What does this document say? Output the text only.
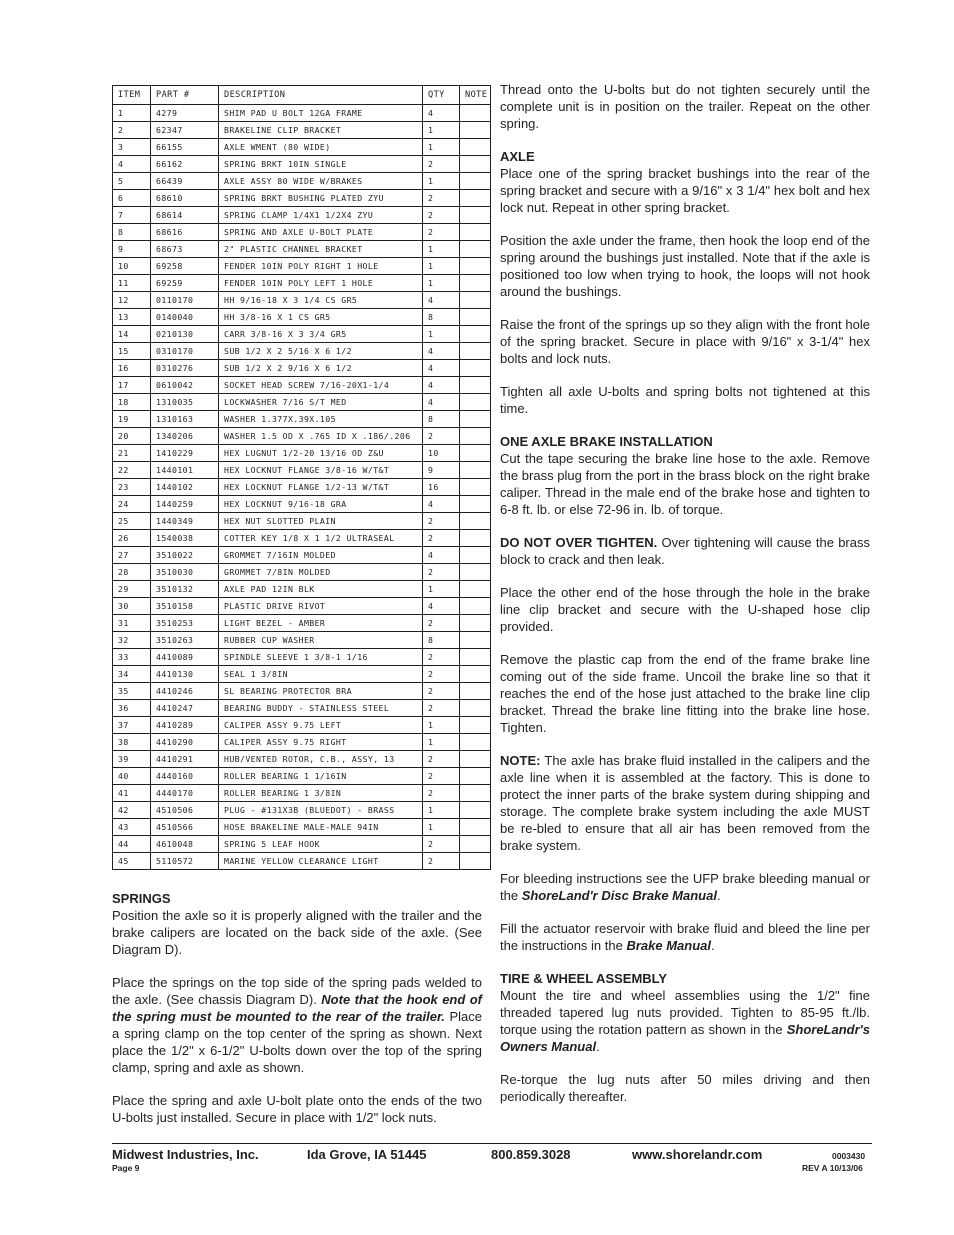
ITEM	PART #	DESCRIPTION	QTY	NOTE
1	4279	SHIM PAD U BOLT 12GA FRAME	4	
2	62347	BRAKELINE CLIP BRACKET	1	
3	66155	AXLE WMENT (80 WIDE)	1	
4	66162	SPRING BRKT 10IN SINGLE	2	
5	66439	AXLE ASSY 80 WIDE W/BRAKES	1	
6	68610	SPRING BRKT BUSHING PLATED ZYU	2	
7	68614	SPRING CLAMP 1/4X1 1/2X4 ZYU	2	
8	68616	SPRING AND AXLE U-BOLT PLATE	2	
9	68673	2" PLASTIC CHANNEL BRACKET	1	
10	69258	FENDER 10IN POLY RIGHT 1 HOLE	1	
11	69259	FENDER 10IN POLY LEFT 1 HOLE	1	
12	0110170	HH 9/16-18 X 3 1/4 CS GR5	4	
13	0140040	HH 3/8-16 X 1 CS GR5	8	
14	0210130	CARR 3/8-16 X 3 3/4 GR5	1	
15	0310170	SUB 1/2 X 2 5/16 X 6 1/2	4	
16	0310276	SUB 1/2 X 2 9/16 X 6 1/2	4	
17	0610042	SOCKET HEAD SCREW 7/16-20X1-1/4	4	
18	1310035	LOCKWASHER 7/16 S/T MED	4	
19	1310163	WASHER 1.377X.39X.105	8	
20	1340206	WASHER 1.5 OD X .765 ID X .186/.206	2	
21	1410229	HEX LUGNUT 1/2-20 13/16 OD Z&U	10	
22	1440101	HEX LOCKNUT FLANGE 3/8-16 W/T&T	9	
23	1440102	HEX LOCKNUT FLANGE 1/2-13 W/T&T	16	
24	1440259	HEX LOCKNUT 9/16-18 GRA	4	
25	1440349	HEX NUT SLOTTED PLAIN	2	
26	1540038	COTTER KEY 1/8 X 1 1/2 ULTRASEAL	2	
27	3510022	GROMMET 7/16IN MOLDED	4	
28	3510030	GROMMET 7/8IN MOLDED	2	
29	3510132	AXLE PAD 12IN BLK	1	
30	3510158	PLASTIC DRIVE RIVOT	4	
31	3510253	LIGHT BEZEL - AMBER	2	
32	3510263	RUBBER CUP WASHER	8	
33	4410089	SPINDLE SLEEVE 1 3/8-1 1/16	2	
34	4410130	SEAL 1 3/8IN	2	
35	4410246	SL BEARING PROTECTOR BRA	2	
36	4410247	BEARING BUDDY - STAINLESS STEEL	2	
37	4410289	CALIPER ASSY 9.75 LEFT	1	
38	4410290	CALIPER ASSY 9.75 RIGHT	1	
39	4410291	HUB/VENTED ROTOR, C.B., ASSY, 13	2	
40	4440160	ROLLER BEARING 1 1/16IN	2	
41	4440170	ROLLER BEARING 1 3/8IN	2	
42	4510506	PLUG - #131X3B (BLUEDOT) - BRASS	1	
43	4510566	HOSE BRAKELINE MALE-MALE 94IN	1	
44	4610048	SPRING 5 LEAF HOOK	2	
45	5110572	MARINE YELLOW CLEARANCE LIGHT	2	
SPRINGS

Position the axle so it is properly aligned with the trailer and the brake calipers are located on the back side of the axle. (See Diagram D).

Place the springs on the top side of the spring pads welded to the axle. (See chassis Diagram D). Note that the hook end of the spring must be mounted to the rear of the trailer. Place a spring clamp on the top center of the spring as shown. Next place the 1/2" x 6-1/2" U-bolts down over the top of the spring clamp, spring and axle as shown.

Place the spring and axle U-bolt plate onto the ends of the two U-bolts just installed. Secure in place with 1/2" lock nuts.

Thread onto the U-bolts but do not tighten securely until the complete unit is in position on the trailer. Repeat on the other spring.

AXLE

Place one of the spring bracket bushings into the rear of the spring bracket and secure with a 9/16" x 3 1/4" hex bolt and hex lock nut. Repeat in other spring bracket.

Position the axle under the frame, then hook the loop end of the spring around the bushings just installed. Note that if the axle is positioned too low when trying to hook, the loops will not hook around the bushings.

Raise the front of the springs up so they align with the front hole of the spring bracket. Secure in place with 9/16" x 3-1/4" hex bolts and lock nuts.

Tighten all axle U-bolts and spring bolts not tightened at this time.

ONE AXLE BRAKE INSTALLATION

Cut the tape securing the brake line hose to the axle. Remove the brass plug from the port in the brass block on the right brake caliper. Thread in the male end of the brake hose and tighten to 6-8 ft. lb. or else 72-96 in. lb. of torque.

DO NOT OVER TIGHTEN. Over tightening will cause the brass block to crack and then leak.

Place the other end of the hose through the hole in the brake line clip bracket and secure with the U-shaped hose clip provided.

Remove the plastic cap from the end of the frame brake line coming out of the side frame. Uncoil the brake line so that it reaches the end of the hose just attached to the brake line clip bracket. Thread the brake line fitting into the brake line hose. Tighten.

NOTE: The axle has brake fluid installed in the calipers and the axle line when it is assembled at the factory. This is done to protect the inner parts of the brake system during shipping and storage. The complete brake system including the axle MUST be re-bled to ensure that all air has been removed from the brake system.

For bleeding instructions see the UFP brake bleeding manual or the ShoreLand'r Disc Brake Manual.

Fill the actuator reservoir with brake fluid and bleed the line per the instructions in the Brake Manual.

TIRE & WHEEL ASSEMBLY

Mount the tire and wheel assemblies using the 1/2" fine threaded tapered lug nuts provided. Tighten to 85-95 ft./lb. torque using the rotation pattern as shown in the ShoreLandr's Owners Manual.

Re-torque the lug nuts after 50 miles driving and then periodically thereafter.

Midwest Industries, Inc.	Ida Grove, IA 51445	800.859.3028	www.shorelandr.com	0003430
Page 9	REV A 10/13/06
